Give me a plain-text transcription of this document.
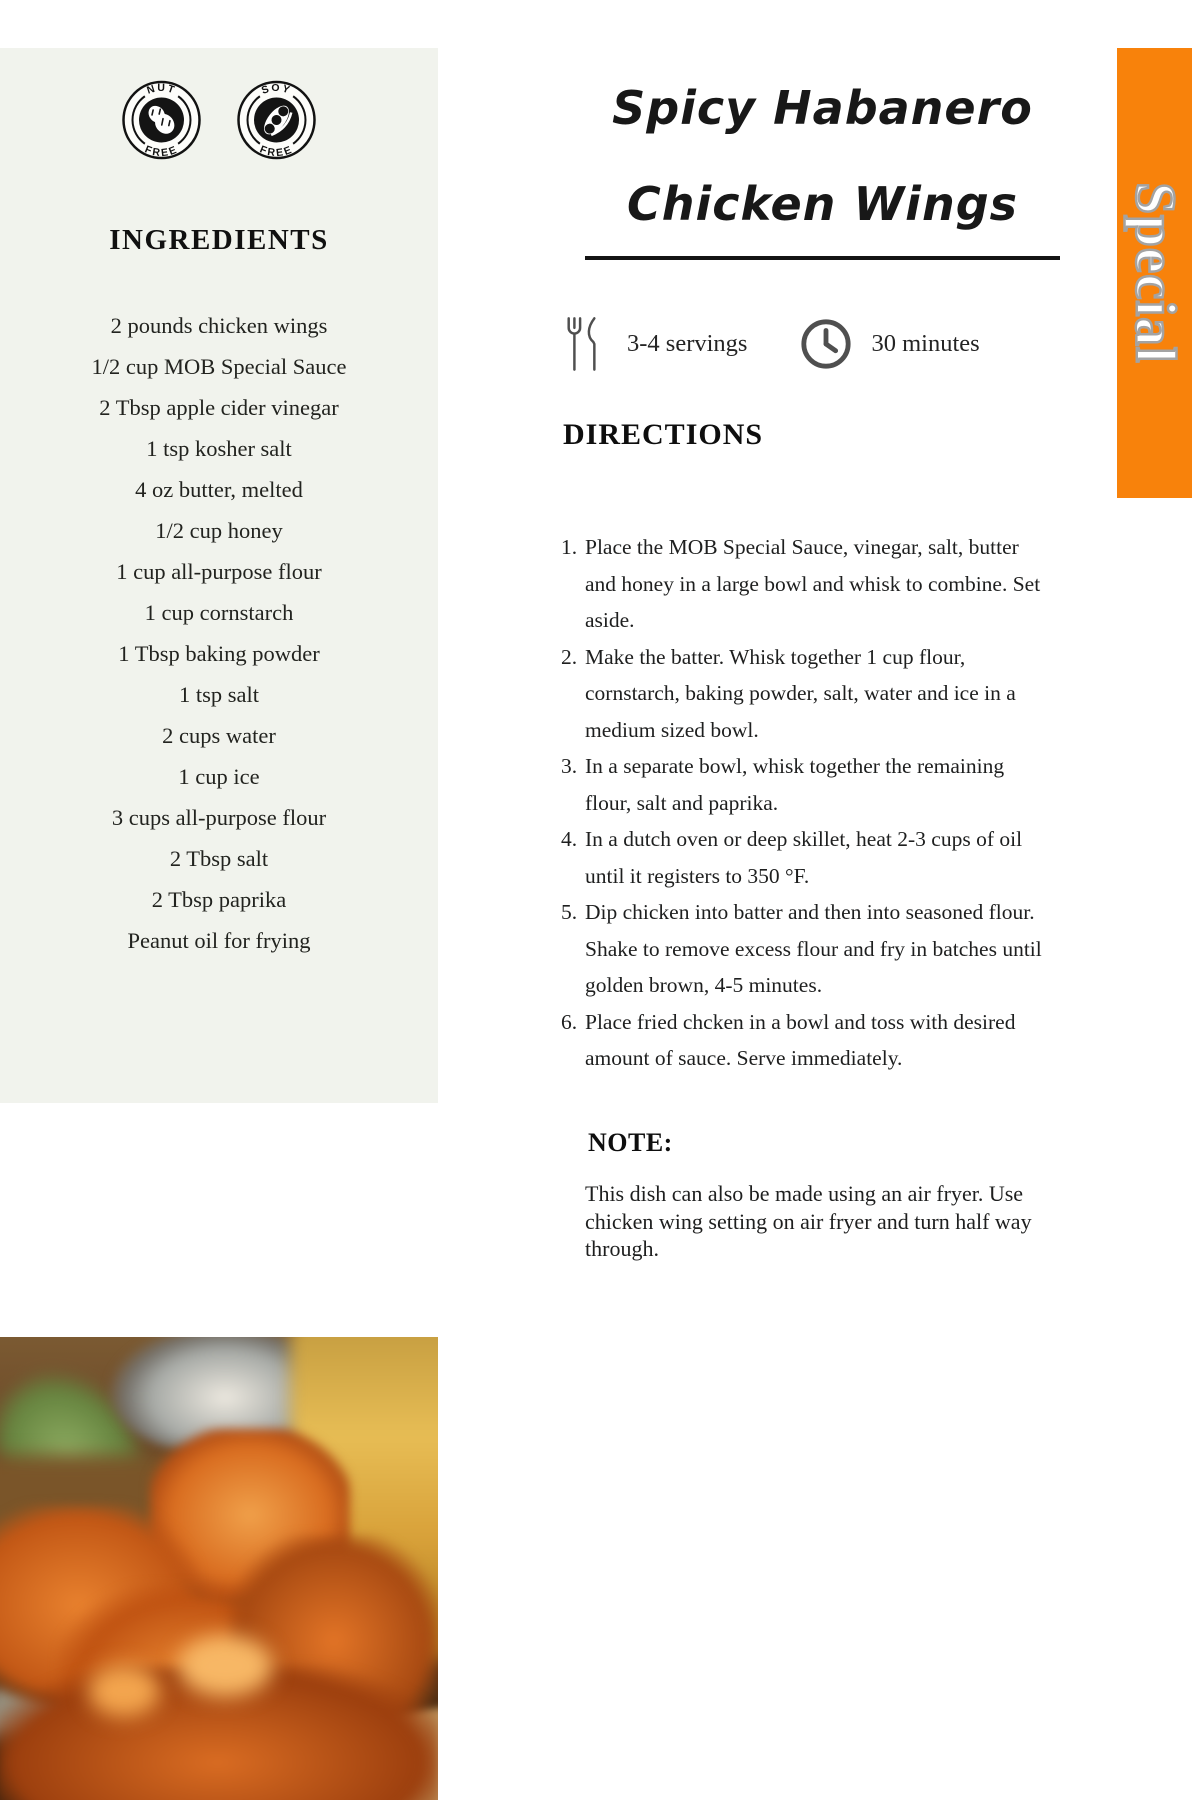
NUT
FREE
SOY
FREE
INGREDIENTS
2 pounds chicken wings
1/2 cup MOB Special Sauce
2 Tbsp apple cider vinegar
1 tsp kosher salt
4 oz butter, melted
1/2 cup honey
1 cup all-purpose flour
1 cup cornstarch
1 Tbsp baking powder
1 tsp salt
2 cups water
1 cup ice
3 cups all-purpose flour
2 Tbsp salt
2 Tbsp paprika
Peanut oil for frying
Spicy Habanero
Chicken Wings
3-4 servings	30 minutes
DIRECTIONS
Place the MOB Special Sauce, vinegar, salt, butter and honey in a large bowl and whisk to combine. Set aside.
Make the batter. Whisk together 1 cup flour, cornstarch, baking powder, salt, water and ice in a medium sized bowl.
In a separate bowl, whisk together the remaining flour, salt and paprika.
In a dutch oven or deep skillet, heat 2-3 cups of oil until it registers to 350 °F.
Dip chicken into batter and then into seasoned flour. Shake to remove excess flour and fry in batches until golden brown, 4-5 minutes.
Place fried chcken in a bowl and toss with desired amount of sauce. Serve immediately.
NOTE:
This dish can also be made using an air fryer. Use chicken wing setting on air fryer and turn half way through.
Special
